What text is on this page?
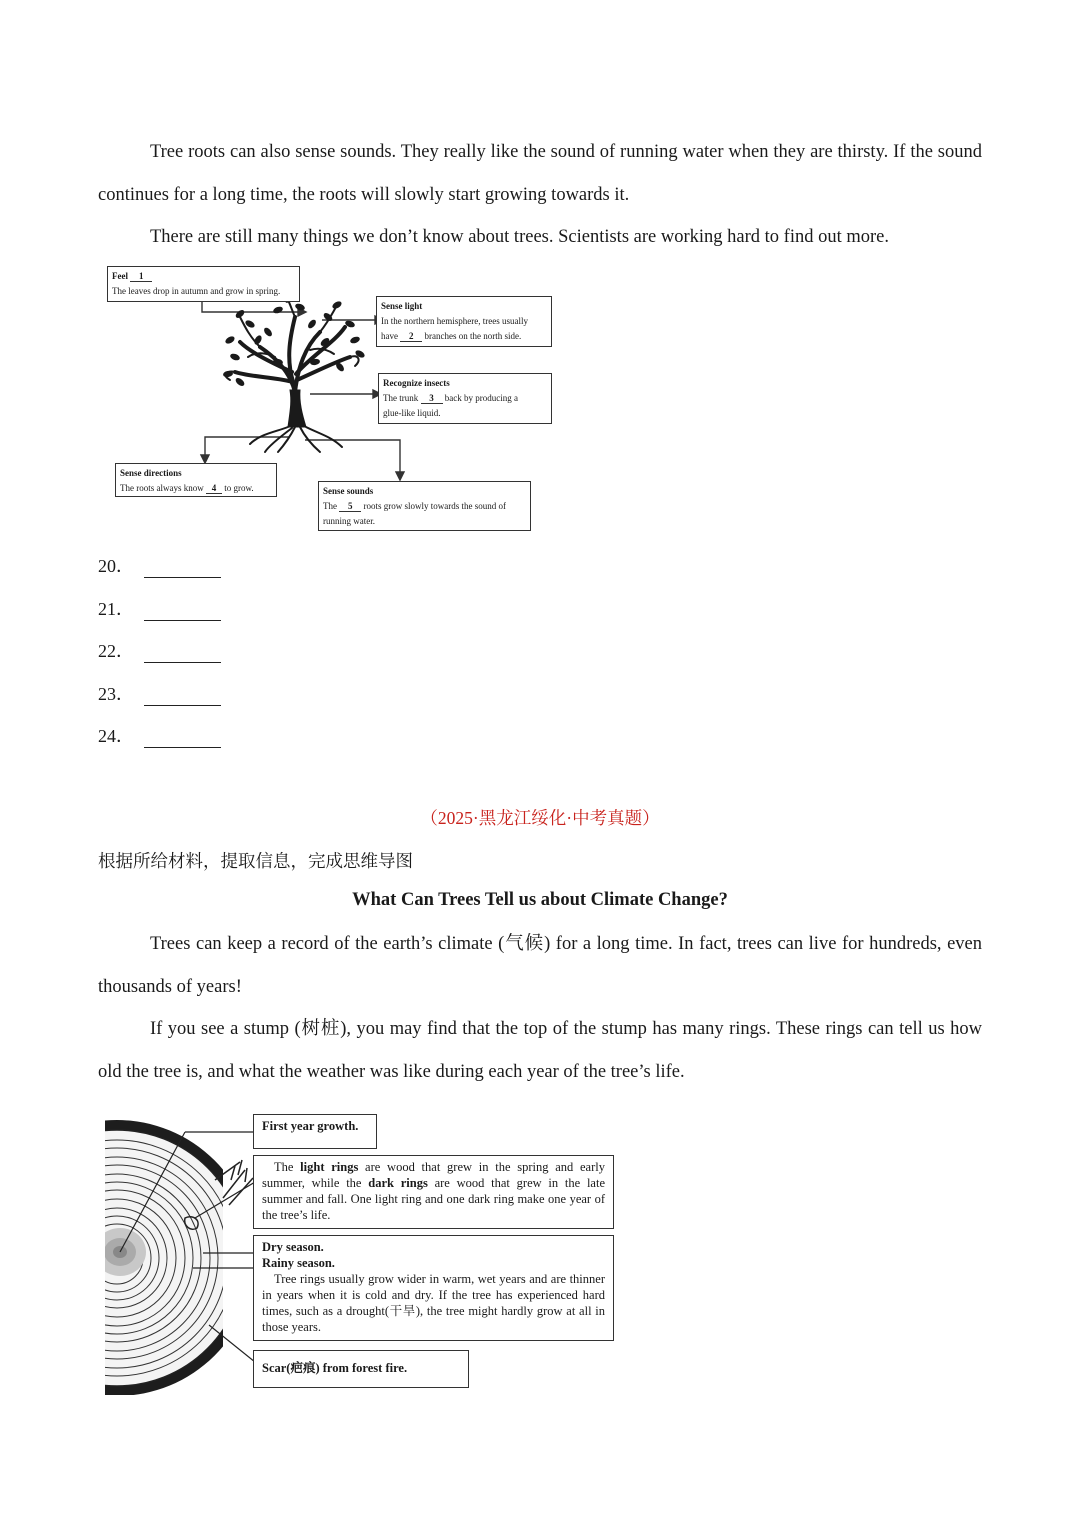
Tree roots can also sense sounds. They really like the sound of running water when they are thirsty. If the sound continues for a long time, the roots will slowly start growing towards it.

There are still many things we don’t know about trees. Scientists are working hard to find out more.

Feel 1
The leaves drop in autumn and grow in spring.
Sense light
In the northern hemisphere, trees usually
have 2 branches on the north side.
Recognize insects
The trunk 3 back by producing a
glue-like liquid.
Sense directions
The roots always know 4 to grow.	Sense sounds
The 5 roots grow slowly towards the sound of
running water.
20．
21．
22．
23．
24．
（2025·黑龙江绥化·中考真题）
根据所给材料，提取信息，完成思维导图
What Can Trees Tell us about Climate Change?

Trees can keep a record of the earth’s climate (气候) for a long time. In fact, trees can live for hundreds, even thousands of years!

If you see a stump (树桩), you may find that the top of the stump has many rings. These rings can tell us how old the tree is, and what the weather was like during each year of the tree’s life.

First year growth.
The light rings are wood that grew in the spring and early summer, while the dark rings are wood that grew in the late summer and fall. One light ring and one dark ring make one year of the tree’s life.
Dry season.
Rainy season.
Tree rings usually grow wider in warm, wet years and are thinner in years when it is cold and dry. If the tree has experienced hard times, such as a drought(干旱), the tree might hardly grow at all in those years.
Scar(疤痕) from forest fire.
